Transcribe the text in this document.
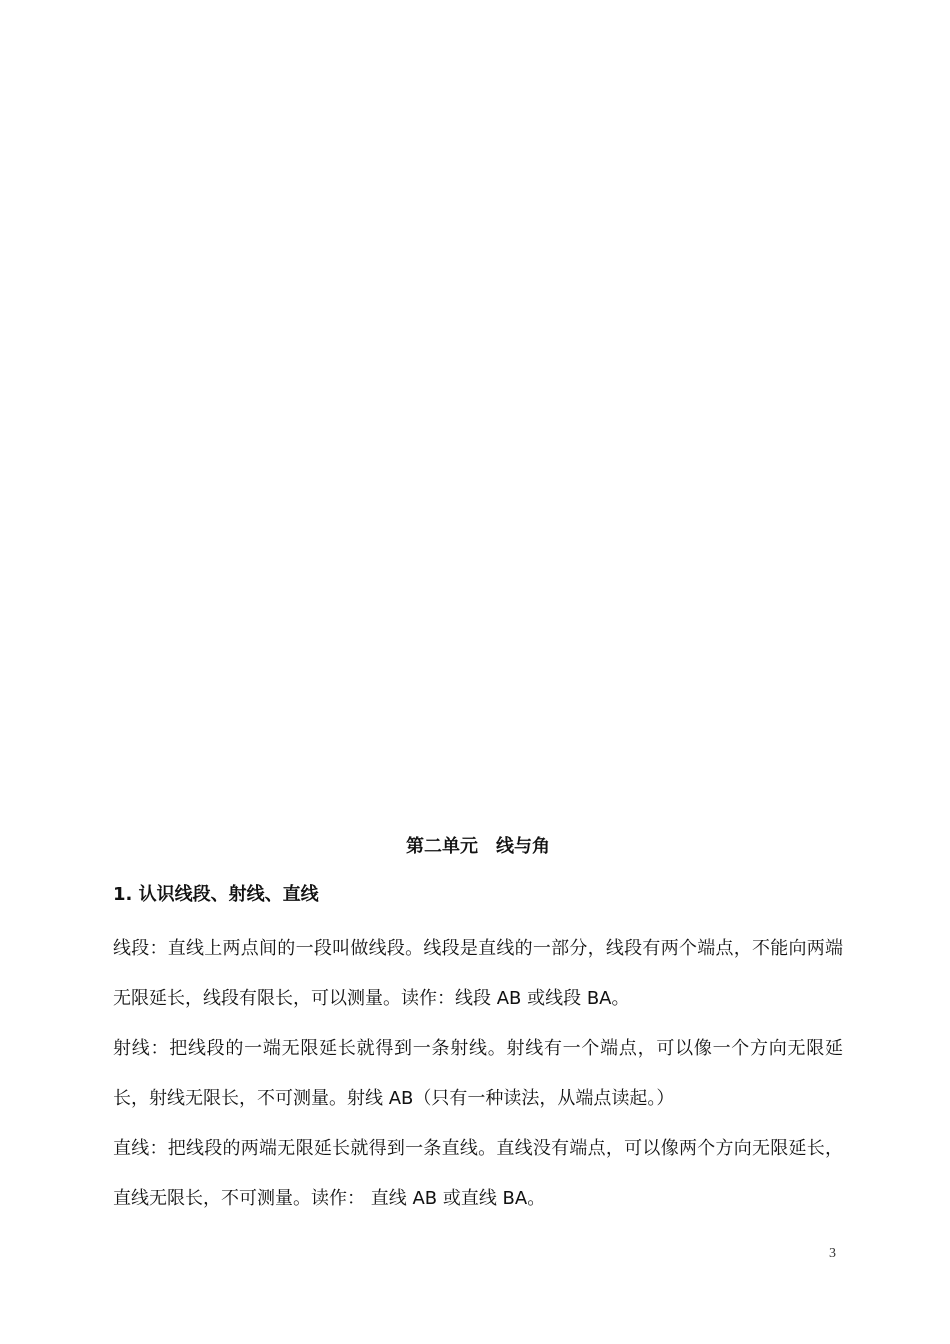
第二单元　线与角
1. 认识线段、射线、直线

线段：直线上两点间的一段叫做线段。线段是直线的一部分，线段有两个端点，不能向两端无限延长，线段有限长，可以测量。读作：线段 AB 或线段 BA。

射线：把线段的一端无限延长就得到一条射线。射线有一个端点，可以像一个方向无限延长，射线无限长，不可测量。射线 AB（只有一种读法，从端点读起。）

直线：把线段的两端无限延长就得到一条直线。直线没有端点，可以像两个方向无限延长，直线无限长，不可测量。读作： 直线 AB 或直线 BA。

3
